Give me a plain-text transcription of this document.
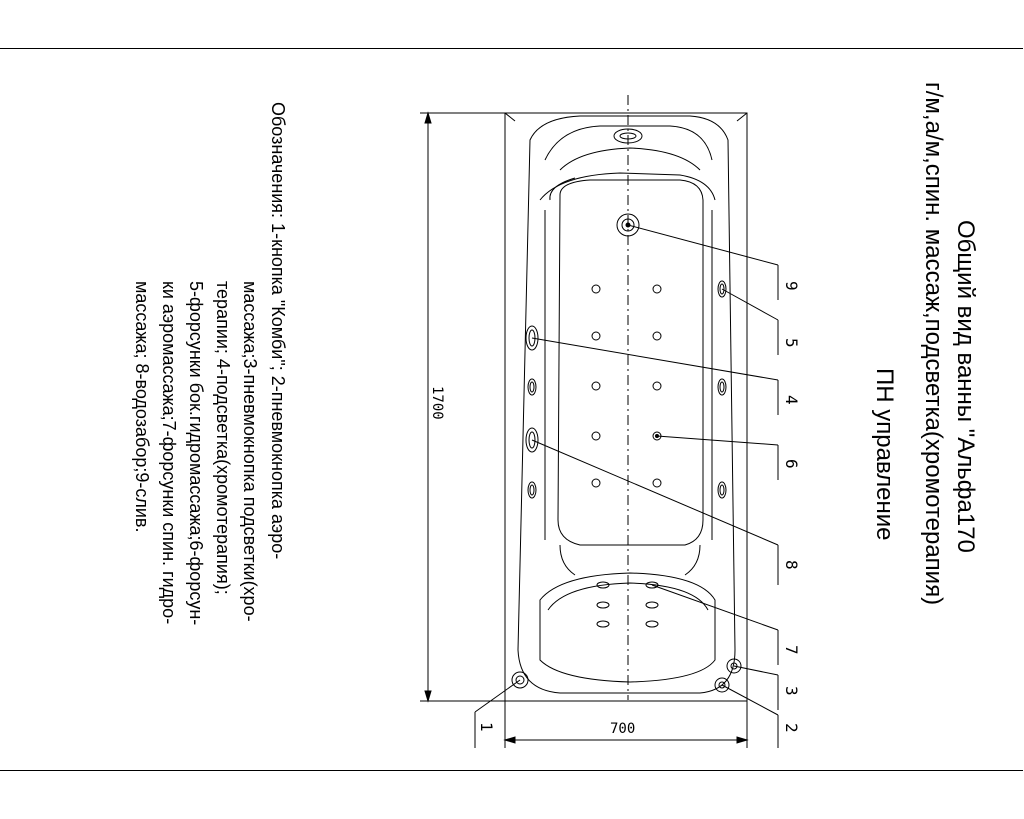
Общий вид ванны "Альфа170
г/м,а/м,спин. массаж,подсветка(хромотерапия)
ПН управление
Обозначения: 1-кнопка "Комби"; 2-пневмокнопка аэро-
массажа;3-пневмокнопка подсветки(хро-
терапии; 4-подсветка(хромотерапия);
5-форсунки бок.гидромассажа;6-форсун-
ки аэромассажа;7-форсунки спин. гидро-
массажа; 8-водозабор;9-слив.
700
1700
9
5
4
6
8
7
3
2
1
